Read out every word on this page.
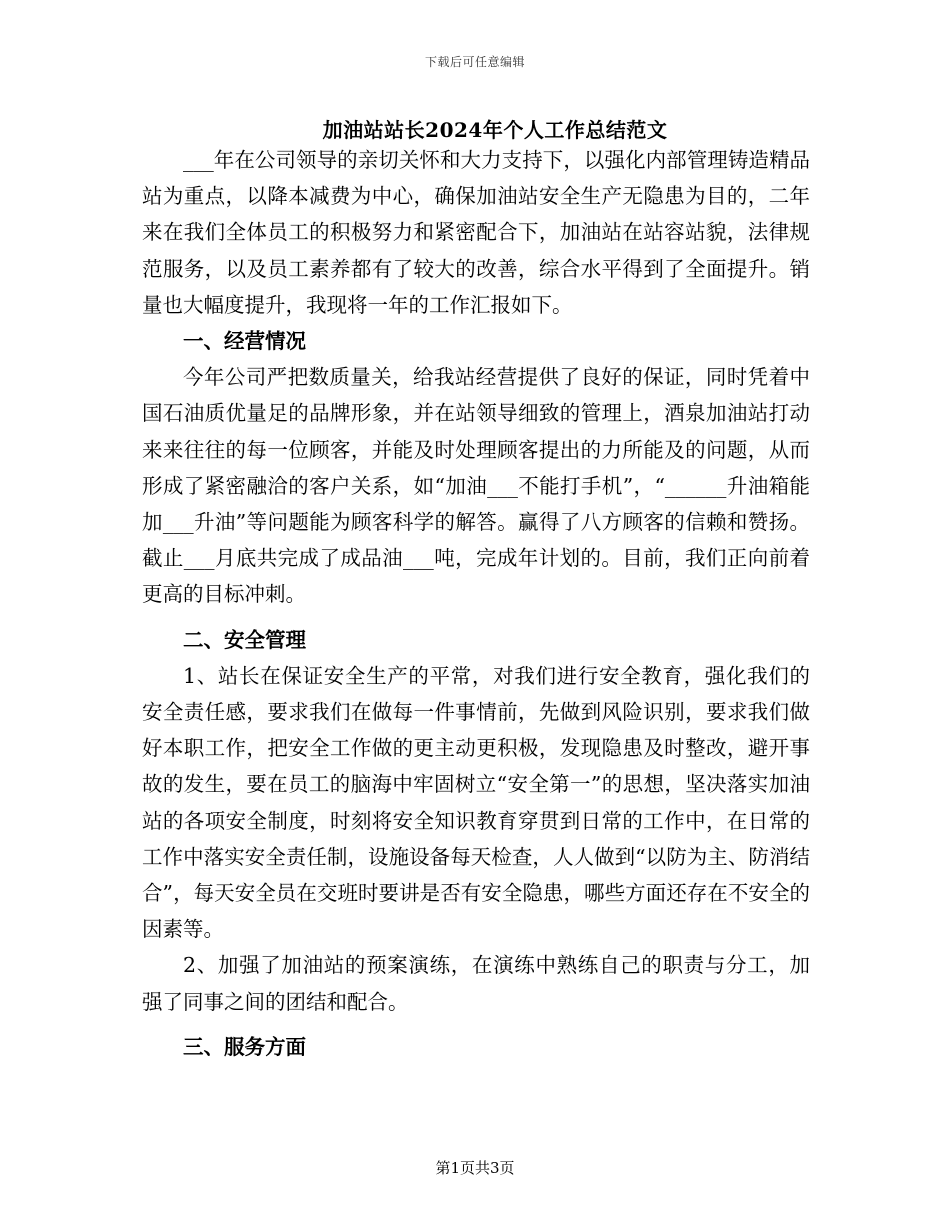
下载后可任意编辑
加油站站长2024年个人工作总结范文

___年在公司领导的亲切关怀和大力支持下，以强化内部管理铸造精品站为重点，以降本减费为中心，确保加油站安全生产无隐患为目的，二年来在我们全体员工的积极努力和紧密配合下，加油站在站容站貌，法律规范服务，以及员工素养都有了较大的改善，综合水平得到了全面提升。销量也大幅度提升，我现将一年的工作汇报如下。

一、经营情况

今年公司严把数质量关，给我站经营提供了良好的保证，同时凭着中国石油质优量足的品牌形象，并在站领导细致的管理上，酒泉加油站打动来来往往的每一位顾客，并能及时处理顾客提出的力所能及的问题，从而形成了紧密融洽的客户关系，如“加油___不能打手机”，“______升油箱能加___升油”等问题能为顾客科学的解答。赢得了八方顾客的信赖和赞扬。截止___月底共完成了成品油___吨，完成年计划的。目前，我们正向前着更高的目标冲刺。

二、安全管理

1、站长在保证安全生产的平常，对我们进行安全教育，强化我们的安全责任感，要求我们在做每一件事情前，先做到风险识别，要求我们做好本职工作，把安全工作做的更主动更积极，发现隐患及时整改，避开事故的发生，要在员工的脑海中牢固树立“安全第一”的思想，坚决落实加油站的各项安全制度，时刻将安全知识教育穿贯到日常的工作中，在日常的工作中落实安全责任制，设施设备每天检查，人人做到“以防为主、防消结合”，每天安全员在交班时要讲是否有安全隐患，哪些方面还存在不安全的因素等。

2、加强了加油站的预案演练，在演练中熟练自己的职责与分工，加强了同事之间的团结和配合。

三、服务方面
第1页共3页
